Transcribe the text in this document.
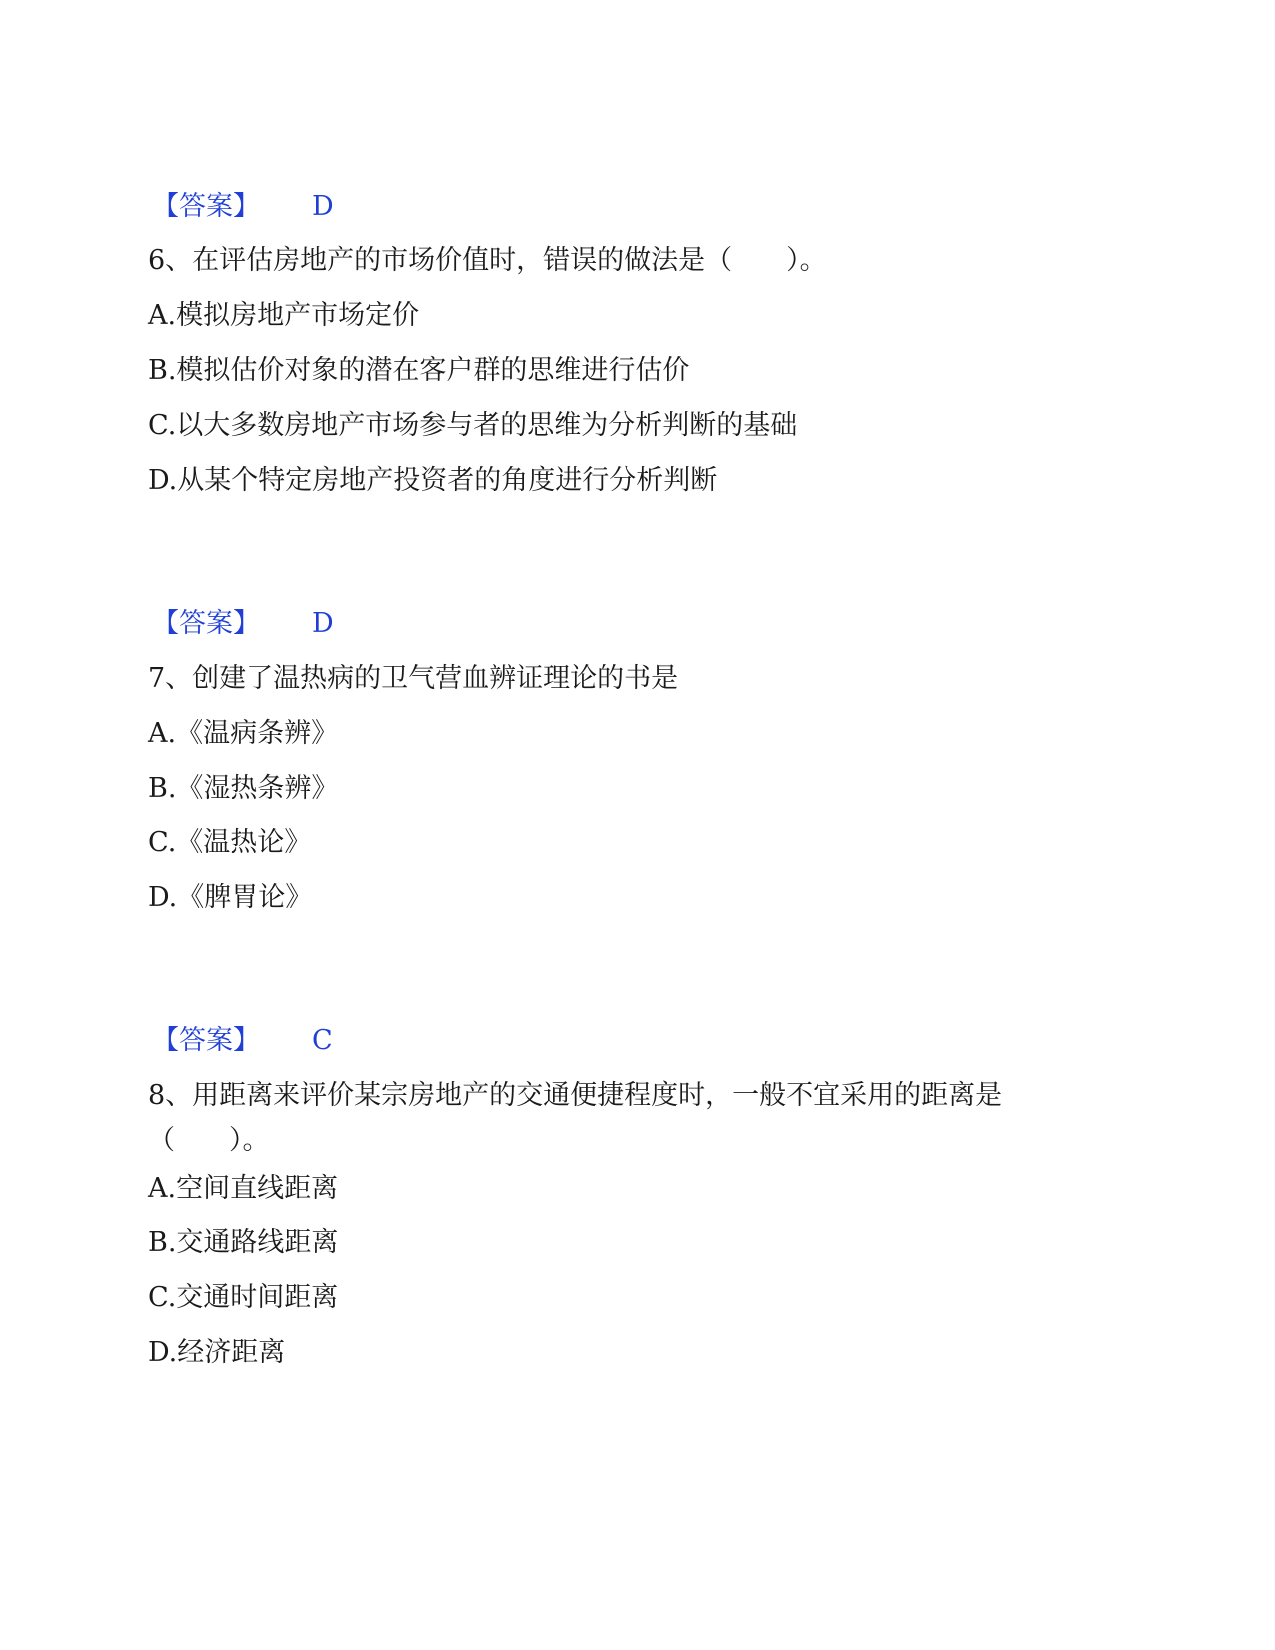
【答案】 D
6、在评估房地产的市场价值时，错误的做法是（　　）。
A.模拟房地产市场定价
B.模拟估价对象的潜在客户群的思维进行估价
C.以大多数房地产市场参与者的思维为分析判断的基础
D.从某个特定房地产投资者的角度进行分析判断
【答案】 D
7、创建了温热病的卫气营血辨证理论的书是
A.《温病条辨》
B.《湿热条辨》
C.《温热论》
D.《脾胃论》
【答案】 C
8、用距离来评价某宗房地产的交通便捷程度时，一般不宜采用的距离是（　　）。
A.空间直线距离
B.交通路线距离
C.交通时间距离
D.经济距离
